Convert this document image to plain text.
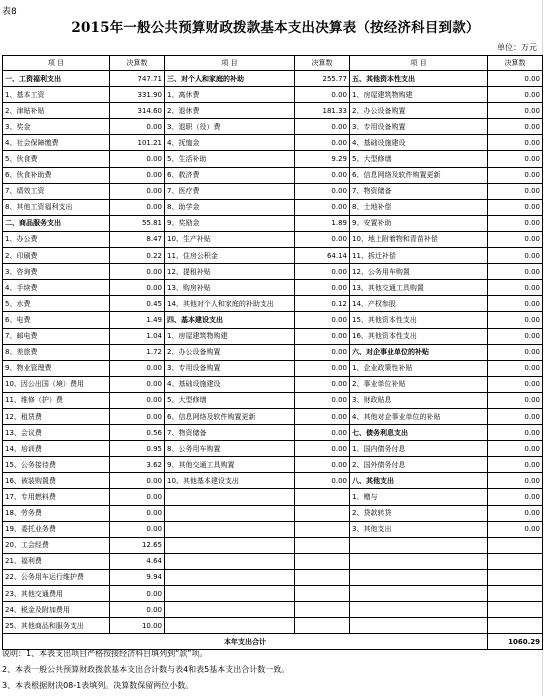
表8
2015年一般公共预算财政拨款基本支出决算表（按经济科目到款）
单位：万元
项 目	决算数	项 目	决算数	项 目	决算数
一、工资福利支出	747.71	三、对个人和家庭的补助	255.77	五、其他资本性支出	0.00
1、基本工资	331.90	1、离休费	0.00	1、房屋建筑物购建	0.00
2、津贴补贴	314.60	2、退休费	181.33	2、办公设备购置	0.00
3、奖金	0.00	3、退职（役）费	0.00	3、专用设备购置	0.00
4、社会保障缴费	101.21	4、抚恤金	0.00	4、基础设施建设	0.00
5、伙食费	0.00	5、生活补助	9.29	5、大型修缮	0.00
6、伙食补助费	0.00	6、救济费	0.00	6、信息网络及软件购置更新	0.00
7、绩效工资	0.00	7、医疗费	0.00	7、物资储备	0.00
8、其他工资福利支出	0.00	8、助学金	0.00	8、土地补偿	0.00
二、商品服务支出	55.81	9、奖励金	1.89	9、安置补助	0.00
1、办公费	8.47	10、生产补贴	0.00	10、地上附着物和青苗补偿	0.00
2、印刷费	0.22	11、住房公积金	64.14	11、拆迁补偿	0.00
3、咨询费	0.00	12、提租补贴	0.00	12、公务用车购置	0.00
4、手续费	0.00	13、购房补贴	0.00	13、其他交通工具购置	0.00
5、水费	0.45	14、其他对个人和家庭的补助支出	0.12	14、产权参股	0.00
6、电费	1.49	四、基本建设支出	0.00	15、其他资本性支出	0.00
7、邮电费	1.04	1、房屋建筑物购建	0.00	16、其他资本性支出	0.00
8、差旅费	1.72	2、办公设备购置	0.00	六、对企事业单位的补贴	0.00
9、物业管理费	0.00	3、专用设备购置	0.00	1、企业政策性补贴	0.00
10、因公出国（境）费用	0.00	4、基础设施建设	0.00	2、事业单位补贴	0.00
11、维修（护）费	0.00	5、大型修缮	0.00	3、财政贴息	0.00
12、租赁费	0.00	6、信息网络及软件购置更新	0.00	4、其他对企事业单位的补贴	0.00
13、会议费	0.56	7、物资储备	0.00	七、债务利息支出	0.00
14、培训费	0.95	8、公务用车购置	0.00	1、国内债务付息	0.00
15、公务接待费	3.62	9、其他交通工具购置	0.00	2、国外债务付息	0.00
16、被装购置费	0.00	10、其他基本建设支出	0.00	八、其他支出	0.00
17、专用燃料费	0.00			1、赠与	0.00
18、劳务费	0.00			2、贷款转贷	0.00
19、委托业务费	0.00			3、其他支出	0.00
20、工会经费	12.65				
21、福利费	4.64				
22、公务用车运行维护费	9.94				
23、其他交通费用	0.00				
24、税金及附加费用	0.00				
25、其他商品和服务支出	10.00				
本年支出合计					1060.29
说明：1、本表支出项目严格按接经济科目填列到“款”项。
2、本表一般公共预算财政拨款基本支出合计数与表4和表5基本支出合计数一致。
3、本表根据财决08-1表填列。决算数保留两位小数。
